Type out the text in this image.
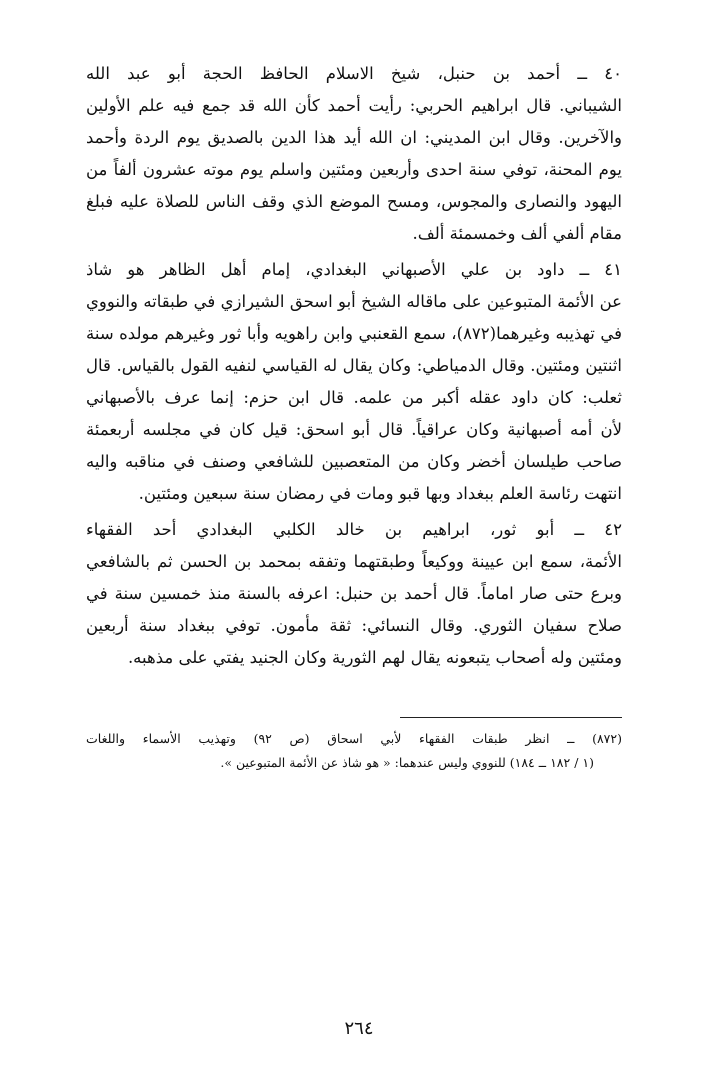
٤٠ ــ أحمد بن حنبل، شيخ الاسلام الحافظ الحجة أبو عبد الله
الشيباني. قال ابراهيم الحربي: رأيت أحمد كأن الله قد جمع فيه علم الأولين
والآخرين. وقال ابن المديني: ان الله أيد هذا الدين بالصديق يوم الردة وأحمد
يوم المحنة، توفي سنة احدى وأربعين ومئتين واسلم يوم موته عشرون ألفاً من
اليهود والنصارى والمجوس، ومسح الموضع الذي وقف الناس للصلاة عليه فبلغ
مقام ألفي ألف وخمسمئة ألف.
٤١ ــ داود بن علي الأصبهاني البغدادي، إمام أهل الظاهر هو شاذ
عن الأئمة المتبوعين على ماقاله الشيخ أبو اسحق الشيرازي في طبقاته والنووي
في تهذيبه وغيرهما(٨٧٢)، سمع القعنبي وابن راهويه وأبا ثور وغيرهم مولده سنة
اثنتين ومئتين. وقال الدمياطي: وكان يقال له القياسي لنفيه القول بالقياس. قال
ثعلب: كان داود عقله أكبر من علمه. قال ابن حزم: إنما عرف بالأصبهاني
لأن أمه أصبهانية وكان عراقياً. قال أبو اسحق: قيل كان في مجلسه أربعمئة
صاحب طيلسان أخضر وكان من المتعصبين للشافعي وصنف في مناقبه واليه
انتهت رئاسة العلم ببغداد وبها قبو ومات في رمضان سنة سبعين ومئتين.
٤٢ ــ أبو ثور، ابراهيم بن خالد الكلبي البغدادي أحد الفقهاء
الأئمة، سمع ابن عيينة ووكيعاً وطبقتهما وتفقه بمحمد بن الحسن ثم بالشافعي
وبرع حتى صار اماماً. قال أحمد بن حنبل: اعرفه بالسنة منذ خمسين سنة في
صلاح سفيان الثوري. وقال النسائي: ثقة مأمون. توفي ببغداد سنة أربعين
ومئتين وله أصحاب يتبعونه يقال لهم الثورية وكان الجنيد يفتي على مذهبه.
(٨٧٢) ــ انظر طبقات الفقهاء لأبي اسحاق (ص ٩٢) وتهذيب الأسماء واللغات
(١ / ١٨٢ ــ ١٨٤) للنووي وليس عندهما: « هو شاذ عن الأئمة المتبوعين ».
٢٦٤
